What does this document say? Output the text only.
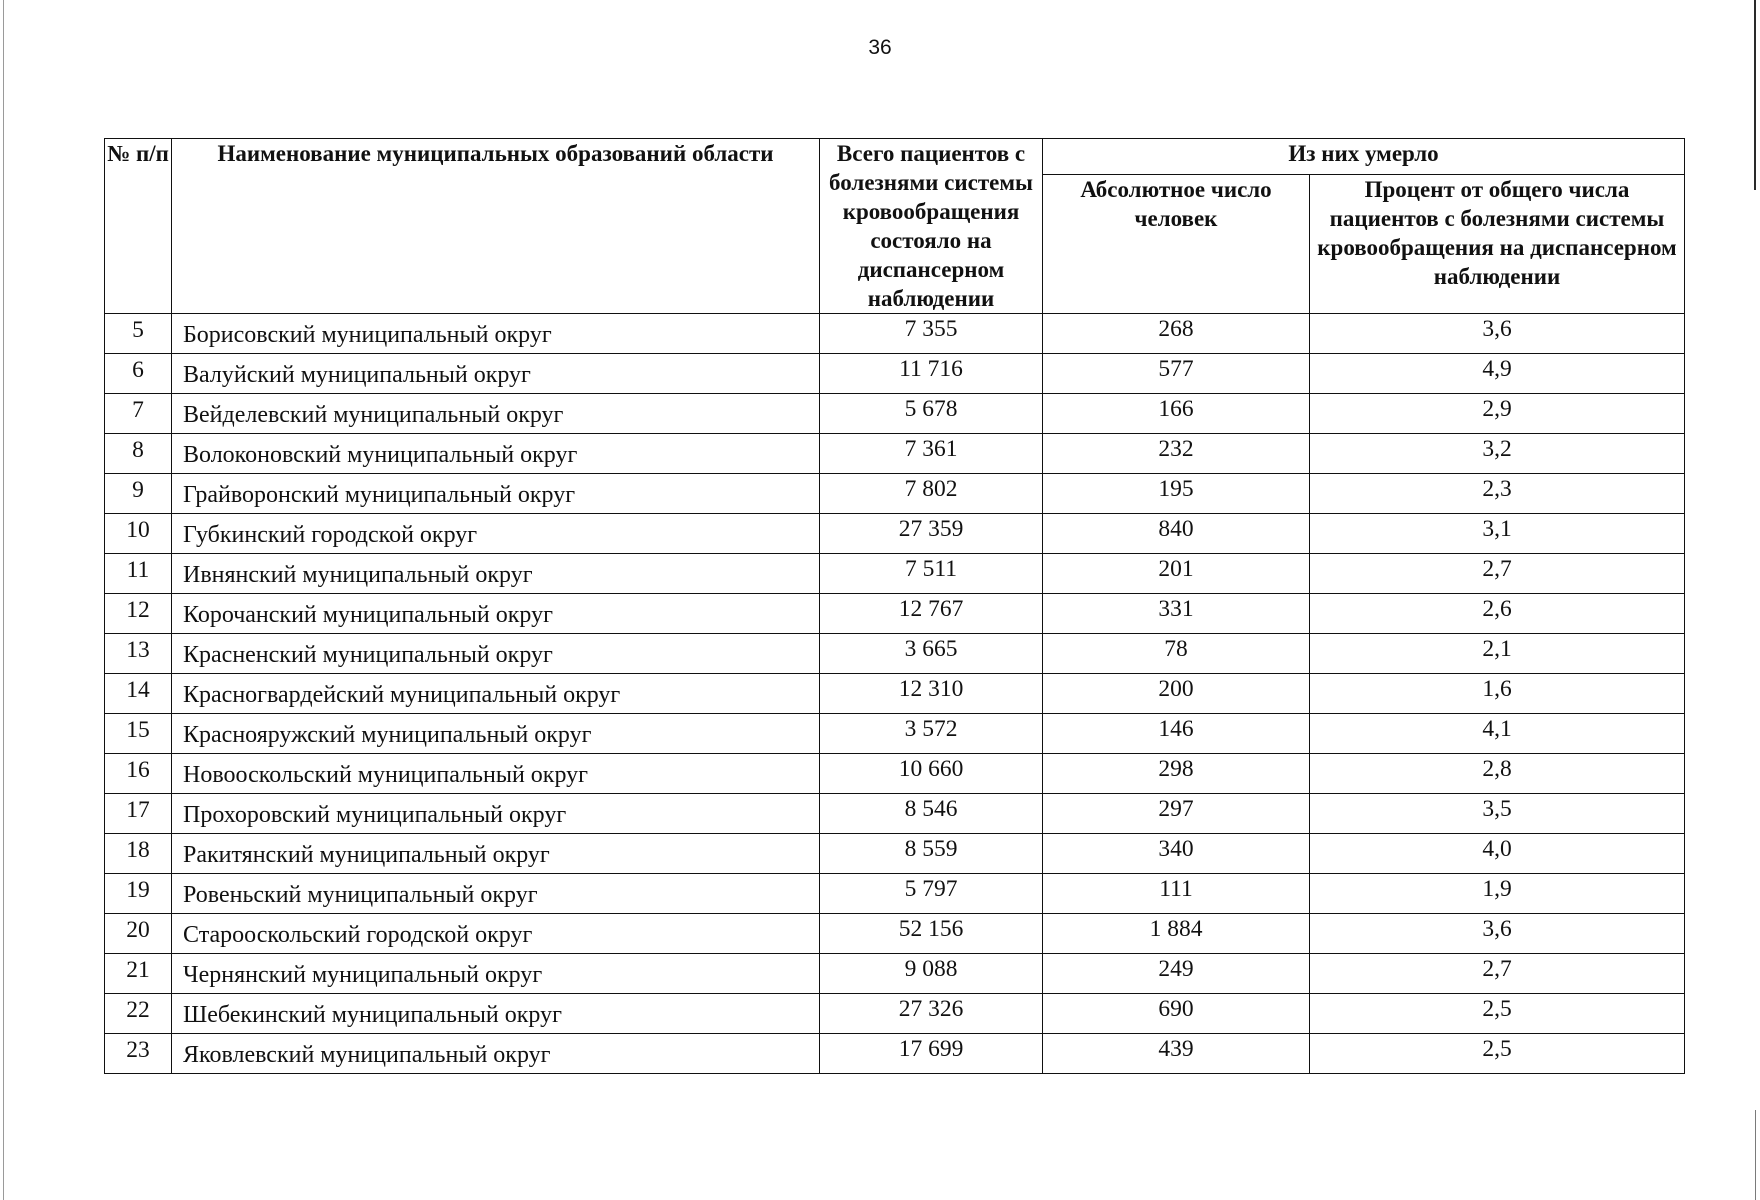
36
№ п/п	Наименование муниципальных образований области	Всего пациентов с болезнями системы кровообращения состояло на диспансерном наблюдении	Из них умерло	
			Абсолютное число человек	Процент от общего числа пациентов с болезнями системы кровообращения на диспансерном наблюдении
5	Борисовский муниципальный округ	7 355	268	3,6
6	Валуйский муниципальный округ	11 716	577	4,9
7	Вейделевский муниципальный округ	5 678	166	2,9
8	Волоконовский муниципальный округ	7 361	232	3,2
9	Грайворонский муниципальный округ	7 802	195	2,3
10	Губкинский городской округ	27 359	840	3,1
11	Ивнянский муниципальный округ	7 511	201	2,7
12	Корочанский муниципальный округ	12 767	331	2,6
13	Красненский муниципальный округ	3 665	78	2,1
14	Красногвардейский муниципальный округ	12 310	200	1,6
15	Краснояружский муниципальный округ	3 572	146	4,1
16	Новооскольский муниципальный округ	10 660	298	2,8
17	Прохоровский муниципальный округ	8 546	297	3,5
18	Ракитянский муниципальный округ	8 559	340	4,0
19	Ровеньский муниципальный округ	5 797	111	1,9
20	Старооскольский городской округ	52 156	1 884	3,6
21	Чернянский муниципальный округ	9 088	249	2,7
22	Шебекинский муниципальный округ	27 326	690	2,5
23	Яковлевский муниципальный округ	17 699	439	2,5
